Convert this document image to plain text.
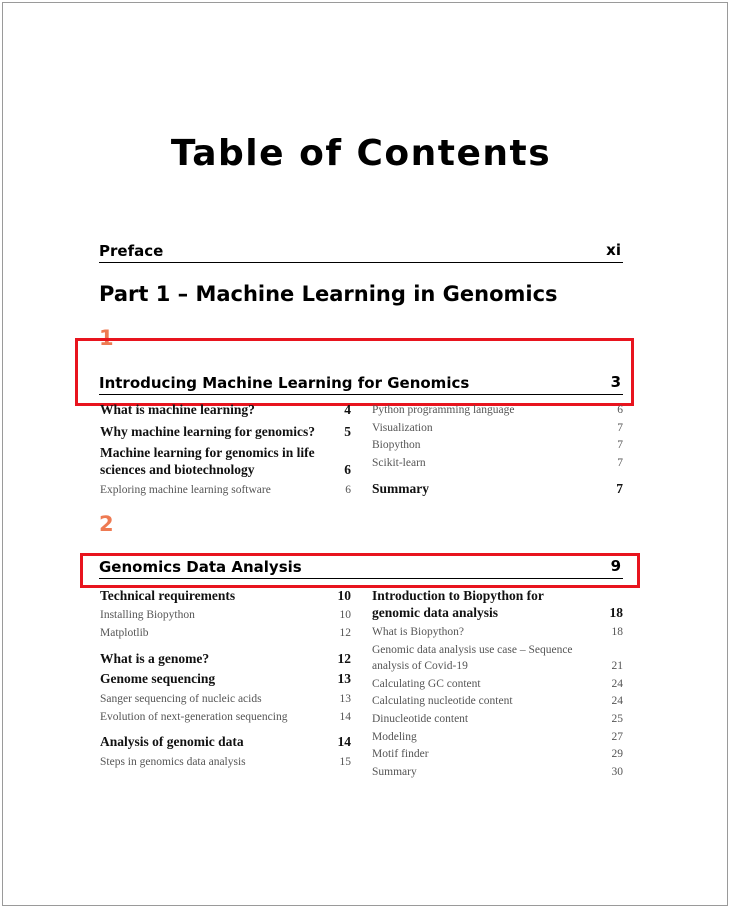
Table of Contents
Preface	xi
Part 1 – Machine Learning in Genomics
1
Introducing Machine Learning for Genomics	3
What is machine learning?	4
Why machine learning for genomics? 5
Machine learning for genomics in life
sciences and biotechnology	6
Exploring machine learning software	6
Python programming language	6
Visualization	7
Biopython	7
Scikit-learn	7
Summary	7
2
Genomics Data Analysis	9
Technical requirements	10
Installing Biopython	10
Matplotlib	12
What is a genome?	12
Genome sequencing	13
Sanger sequencing of nucleic acids	13
Evolution of next-generation sequencing	14
Analysis of genomic data	14
Steps in genomics data analysis	15
Introduction to Biopython for
genomic data analysis	18
What is Biopython?	18
Genomic data analysis use case – Sequence
analysis of Covid-19	21
Calculating GC content	24
Calculating nucleotide content	24
Dinucleotide content	25
Modeling	27
Motif finder	29
Summary	30
